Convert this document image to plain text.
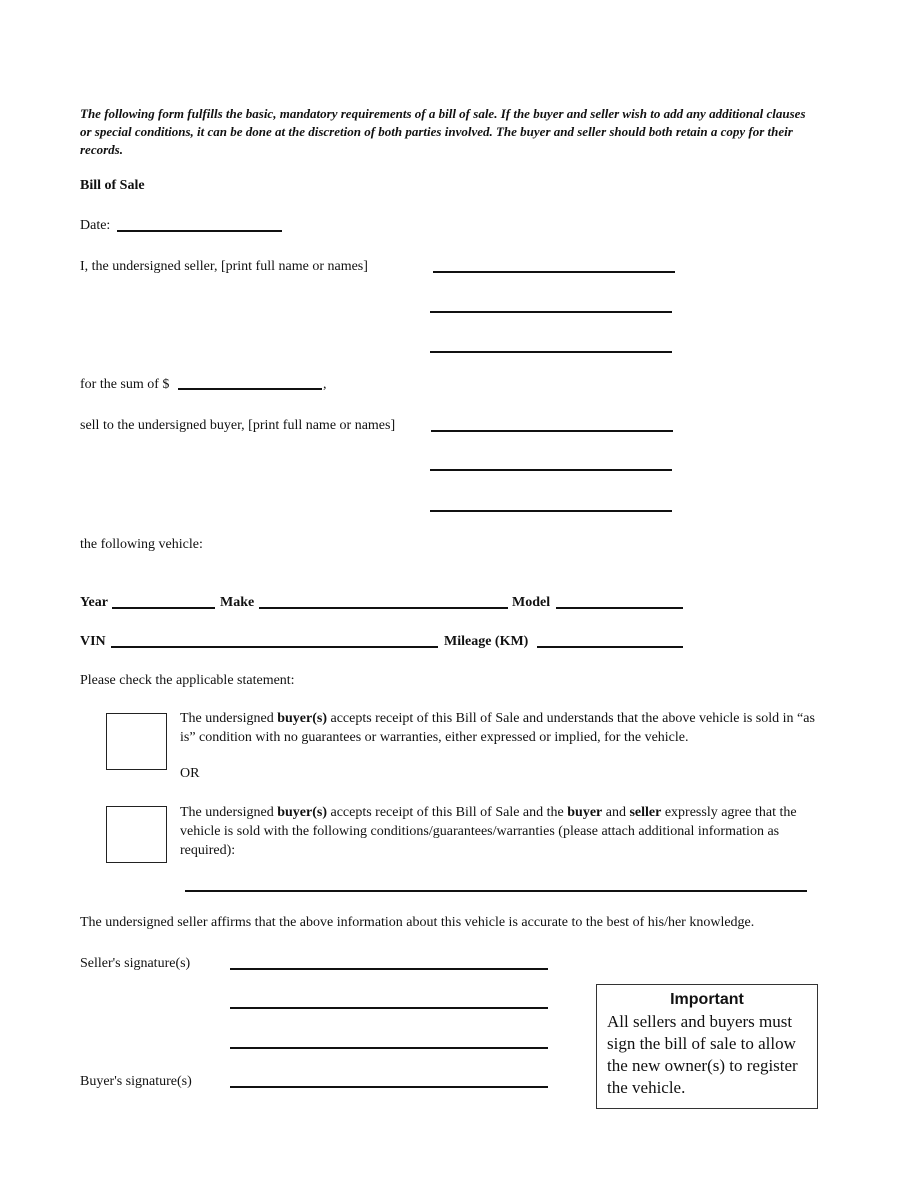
The following form fulfills the basic, mandatory requirements of a bill of sale. If the buyer and seller wish to add any additional clauses or special conditions, it can be done at the discretion of both parties involved. The buyer and seller should both retain a copy for their records.
Bill of Sale
Date:
I, the undersigned seller, [print full name or names]
for the sum of $	,
sell to the undersigned buyer, [print full name or names]
the following vehicle:
Year	Make	Model
VIN	Mileage (KM)
Please check the applicable statement:
The undersigned buyer(s) accepts receipt of this Bill of Sale and understands that the above vehicle is sold in “as is” condition with no guarantees or warranties, either expressed or implied, for the vehicle.
OR
The undersigned buyer(s) accepts receipt of this Bill of Sale and the buyer and seller expressly agree that the vehicle is sold with the following conditions/guarantees/warranties (please attach additional information as required):
The undersigned seller affirms that the above information about this vehicle is accurate to the best of his/her knowledge.
Seller's signature(s)
Buyer's signature(s)
Important
All sellers and buyers must sign the bill of sale to allow the new owner(s) to register the vehicle.
